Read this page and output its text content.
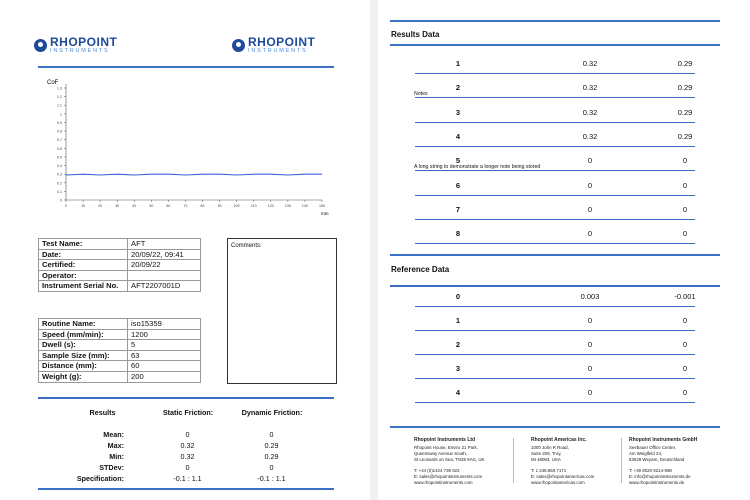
RHOPOINT
INSTRUMENTS
RHOPOINT
INSTRUMENTS
CoF
0
0.1
0.2
0.3
0.4
0.5
0.6
0.7
0.8
0.9
1
1.1
1.2
1.3
0	10	20	30	40	50	60	70	80	90	100	110	120	130	140	150
mm
Test Name:	AFT
Date:	20/09/22, 09:41
Certified:	20/09/22
Operator:	
Instrument Serial No.	AFT2207001D
Comments:
Routine Name:	iso15359
Speed (mm/min):	1200
Dwell (s):	5
Sample Size (mm):	63
Distance (mm):	60
Weight (g):	200
Results	Static Friction:	Dynamic Friction:
Mean:	0	0
Max:	0.32	0.29
Min:	0.32	0.29
STDev:	0	0
Specification:	-0.1 : 1.1	-0.1 : 1.1
Results Data
1	0.32	0.29
2	0.32	0.29
Notes
3	0.32	0.29
4	0.32	0.29
5	0	0
A long string to demonstrate a longer note being stored
6	0	0
7	0	0
8	0	0
Reference Data
0	0.003	-0.001
1	0	0
2	0	0
3	0	0
4	0	0
Rhopoint Instruments Ltd
Rhopoint House, Enviro 21 Park,
Queensway Avenue South,
St Leonards on Sea, TN38 9AG, UK
T: +44 (0)1424 739 622
E: sales@rhopointinstruments.com
www.rhopointinstruments.com
Rhopoint Americas Inc.
1000 John R Road,
Suite 209, Troy,
MI 48083, USA
T: 1 248.850.7171
E: sales@rhopointamericas.com
www.rhopointamericas.com
Rhopoint Instruments GmbH
Seebauer Office Center,
Am Weiglfeld 24,
83629 Weyarn, Deutschland
T: +49 8020 9214-998
E: info@rhopointinstruments.de
www.rhopointinstruments.de
